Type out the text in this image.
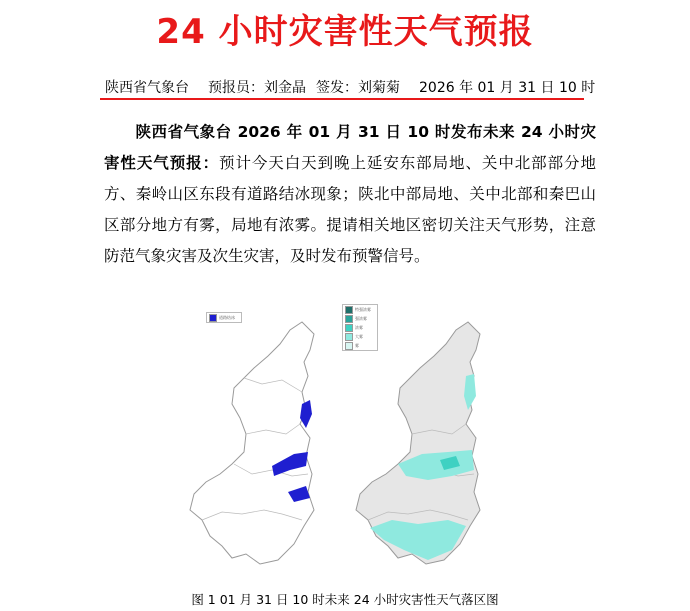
24 小时灾害性天气预报
陕西省气象台 预报员：刘金晶 签发：刘菊菊 2026 年 01 月 31 日 10 时
陕西省气象台 2026 年 01 月 31 日 10 时发布未来 24 小时灾害性天气预报：预计今天白天到晚上延安东部局地、关中北部部分地方、秦岭山区东段有道路结冰现象；陕北中部局地、关中北部和秦巴山区部分地方有雾，局地有浓雾。提请相关地区密切关注天气形势，注意防范气象灾害及次生灾害，及时发布预警信号。
道路结冰
特强浓雾
强浓雾
浓雾
大雾
雾
图 1 01 月 31 日 10 时未来 24 小时灾害性天气落区图
